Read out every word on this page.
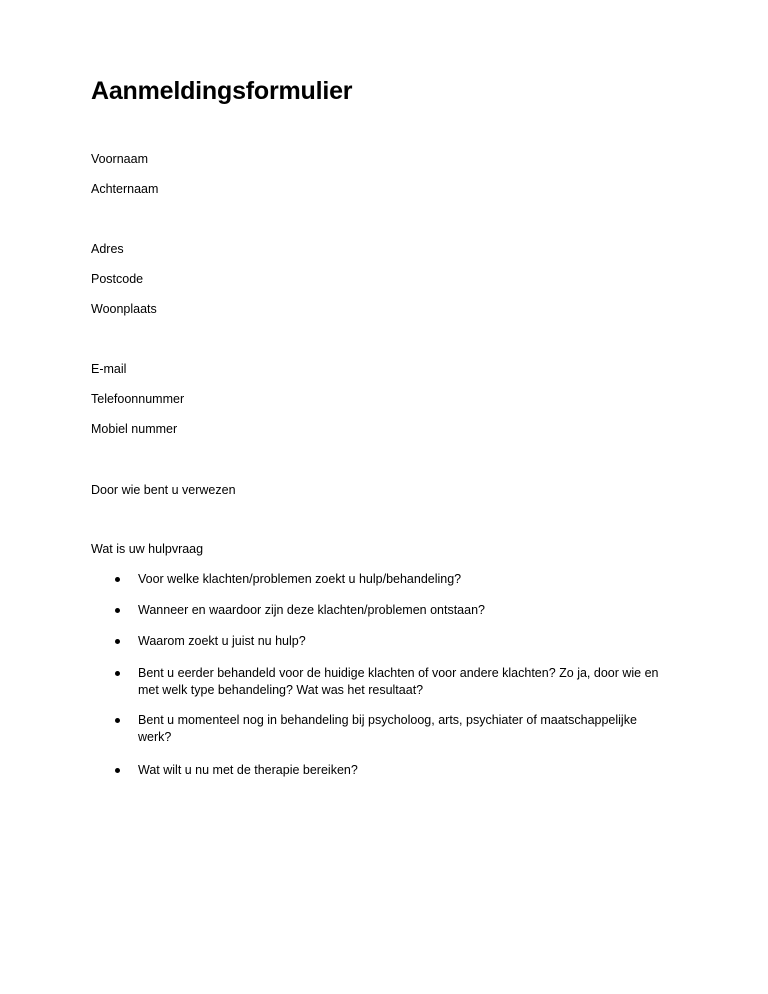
Aanmeldingsformulier

Voornaam

Achternaam

Adres

Postcode

Woonplaats

E-mail

Telefoonnummer

Mobiel nummer

Door wie bent u verwezen

Wat is uw hulpvraag

Voor welke klachten/problemen zoekt u hulp/behandeling?
Wanneer en waardoor zijn deze klachten/problemen ontstaan?
Waarom zoekt u juist nu hulp?
Bent u eerder behandeld voor de huidige klachten of voor andere klachten? Zo ja, door wie en met welk type behandeling? Wat was het resultaat?
Bent u momenteel nog in behandeling bij psycholoog, arts, psychiater of maatschappelijke werk?
Wat wilt u nu met de therapie bereiken?
